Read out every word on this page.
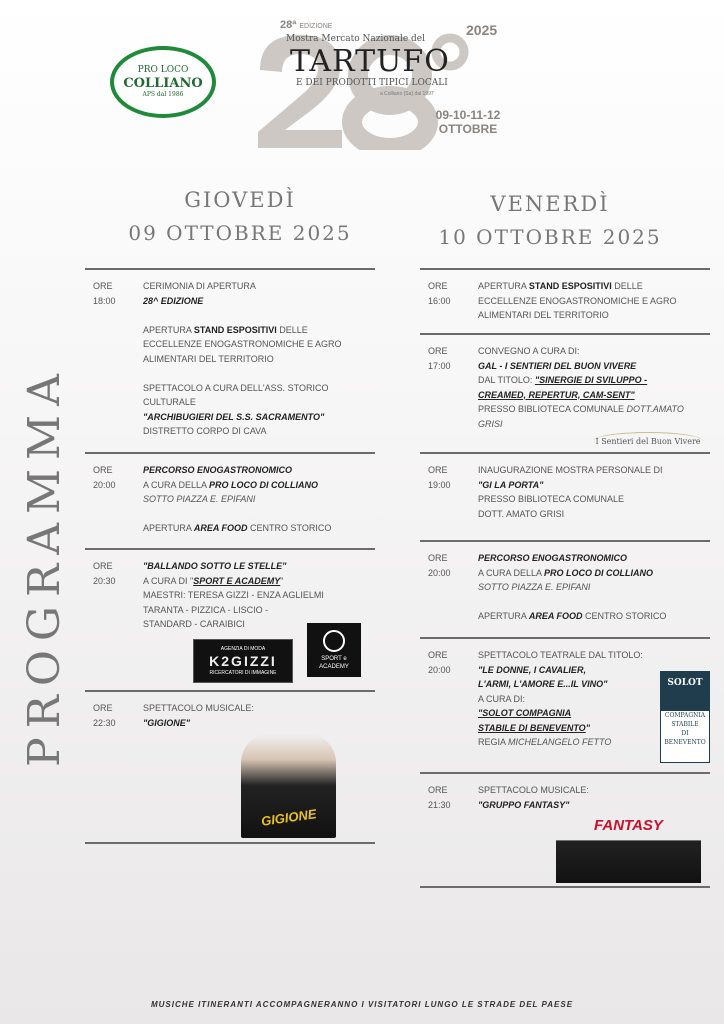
PRO LOCO
COLLIANO
APS dal 1986
28ª EDIZIONE	2025
Mostra Mercato Nazionale del
TARTUFO
E DEI PRODOTTI TIPICI LOCALI
a Colliano (Sa) dal 1997
09-10-11-12
OTTOBRE
PROGRAMMA
GIOVEDÌ
09 OTTOBRE 2025
VENERDÌ
10 OTTOBRE 2025
ORE
18:00
CERIMONIA DI APERTURA
28^ EDIZIONE
APERTURA STAND ESPOSITIVI DELLE
ECCELLENZE ENOGASTRONOMICHE E AGRO
ALIMENTARI DEL TERRITORIO
SPETTACOLO A CURA DELL'ASS. STORICO
CULTURALE
"ARCHIBUGIERI DEL S.S. SACRAMENTO"
DISTRETTO CORPO DI CAVA
ORE
20:00
PERCORSO ENOGASTRONOMICO
A CURA DELLA PRO LOCO DI COLLIANO
SOTTO PIAZZA E. EPIFANI
APERTURA AREA FOOD CENTRO STORICO
ORE
20:30
"BALLANDO SOTTO LE STELLE"
A CURA DI "SPORT E ACADEMY"
MAESTRI: TERESA GIZZI - ENZA AGLIELMI
TARANTA - PIZZICA - LISCIO -
STANDARD - CARAIBICI
AGENZIA DI MODA
K2GIZZI
RICERCATORI DI IMMAGINE
SPORT e
ACADEMY
ORE
22:30
SPETTACOLO MUSICALE:
"GIGIONE"
GIGIONE
ORE
16:00
APERTURA STAND ESPOSITIVI DELLE
ECCELLENZE ENOGASTRONOMICHE E AGRO
ALIMENTARI DEL TERRITORIO
ORE
17:00
CONVEGNO A CURA DI:
GAL - I SENTIERI DEL BUON VIVERE
DAL TITOLO: "SINERGIE DI SVILUPPO -
CREAMED, REPERTUR, CAM-SENT"
PRESSO BIBLIOTECA COMUNALE DOTT.AMATO
GRISI
I Sentieri del Buon Vivere
ORE
19:00
INAUGURAZIONE MOSTRA PERSONALE DI
"GI LA PORTA"
PRESSO BIBLIOTECA COMUNALE
DOTT. AMATO GRISI
ORE
20:00
PERCORSO ENOGASTRONOMICO
A CURA DELLA PRO LOCO DI COLLIANO
SOTTO PIAZZA E. EPIFANI
APERTURA AREA FOOD CENTRO STORICO
ORE
20:00
SPETTACOLO TEATRALE DAL TITOLO:
"LE DONNE, I CAVALIER,
L'ARMI, L'AMORE E...IL VINO"
A CURA DI:
"SOLOT COMPAGNIA
STABILE DI BENEVENTO"
REGIA MICHELANGELO FETTO
SOLOT
COMPAGNIA
STABILE
DI BENEVENTO
ORE
21:30
SPETTACOLO MUSICALE:
"GRUPPO FANTASY"
FANTASY
MUSICHE ITINERANTI ACCOMPAGNERANNO I VISITATORI LUNGO LE STRADE DEL PAESE
